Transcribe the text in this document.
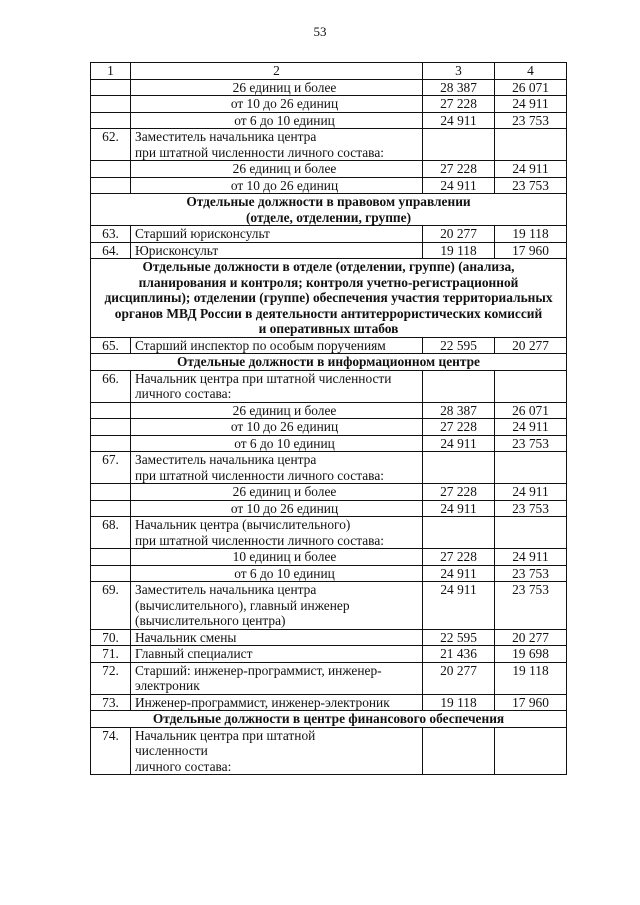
53
1	2	3	4
	26 единиц и более	28 387	26 071
	от 10 до 26 единиц	27 228	24 911
	от 6 до 10 единиц	24 911	23 753
62.	Заместитель начальника центра
при штатной численности личного состава:		
	26 единиц и более	27 228	24 911
	от 10 до 26 единиц	24 911	23 753
Отдельные должности в правовом управлении
(отделе, отделении, группе)			
63.	Старший юрисконсульт	20 277	19 118
64.	Юрисконсульт	19 118	17 960
Отдельные должности в отделе (отделении, группе) (анализа,
планирования и контроля; контроля учетно-регистрационной
дисциплины); отделении (группе) обеспечения участия территориальных
органов МВД России в деятельности антитеррористических комиссий
и оперативных штабов			
65.	Старший инспектор по особым поручениям	22 595	20 277
Отдельные должности в информационном центре			
66.	Начальник центра при штатной численности
личного состава:		
	26 единиц и более	28 387	26 071
	от 10 до 26 единиц	27 228	24 911
	от 6 до 10 единиц	24 911	23 753
67.	Заместитель начальника центра
при штатной численности личного состава:		
	26 единиц и более	27 228	24 911
	от 10 до 26 единиц	24 911	23 753
68.	Начальник центра (вычислительного)
при штатной численности личного состава:		
	10 единиц и более	27 228	24 911
	от 6 до 10 единиц	24 911	23 753
69.	Заместитель начальника центра
(вычислительного), главный инженер
(вычислительного центра)	24 911	23 753
70.	Начальник смены	22 595	20 277
71.	Главный специалист	21 436	19 698
72.	Старший: инженер-программист, инженер-
электроник	20 277	19 118
73.	Инженер-программист, инженер-электроник	19 118	17 960
Отдельные должности в центре финансового обеспечения			
74.	Начальник центра при штатной
численности
личного состава:		
